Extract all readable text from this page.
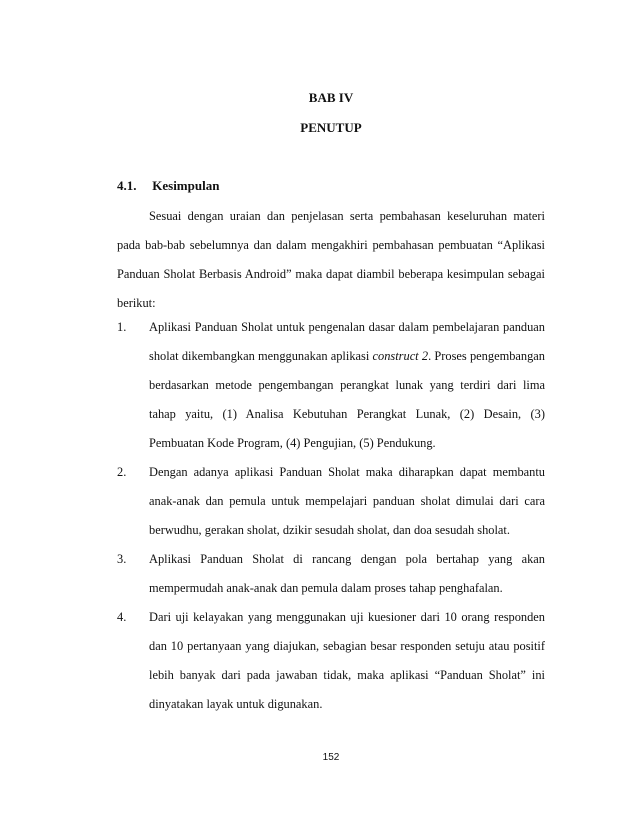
BAB IV
PENUTUP
4.1. Kesimpulan

Sesuai dengan uraian dan penjelasan serta pembahasan keseluruhan materi pada bab-bab sebelumnya dan dalam mengakhiri pembahasan pembuatan “Aplikasi Panduan Sholat Berbasis Android” maka dapat diambil beberapa kesimpulan sebagai berikut:

1. Aplikasi Panduan Sholat untuk pengenalan dasar dalam pembelajaran panduan sholat dikembangkan menggunakan aplikasi construct 2. Proses pengembangan berdasarkan metode pengembangan perangkat lunak yang terdiri dari lima tahap yaitu, (1) Analisa Kebutuhan Perangkat Lunak, (2) Desain, (3) Pembuatan Kode Program, (4) Pengujian, (5) Pendukung.
2. Dengan adanya aplikasi Panduan Sholat maka diharapkan dapat membantu anak-anak dan pemula untuk mempelajari panduan sholat dimulai dari cara berwudhu, gerakan sholat, dzikir sesudah sholat, dan doa sesudah sholat.
3. Aplikasi Panduan Sholat di rancang dengan pola bertahap yang akan mempermudah anak-anak dan pemula dalam proses tahap penghafalan.
4. Dari uji kelayakan yang menggunakan uji kuesioner dari 10 orang responden dan 10 pertanyaan yang diajukan, sebagian besar responden setuju atau positif lebih banyak dari pada jawaban tidak, maka aplikasi “Panduan Sholat” ini dinyatakan layak untuk digunakan.
152
